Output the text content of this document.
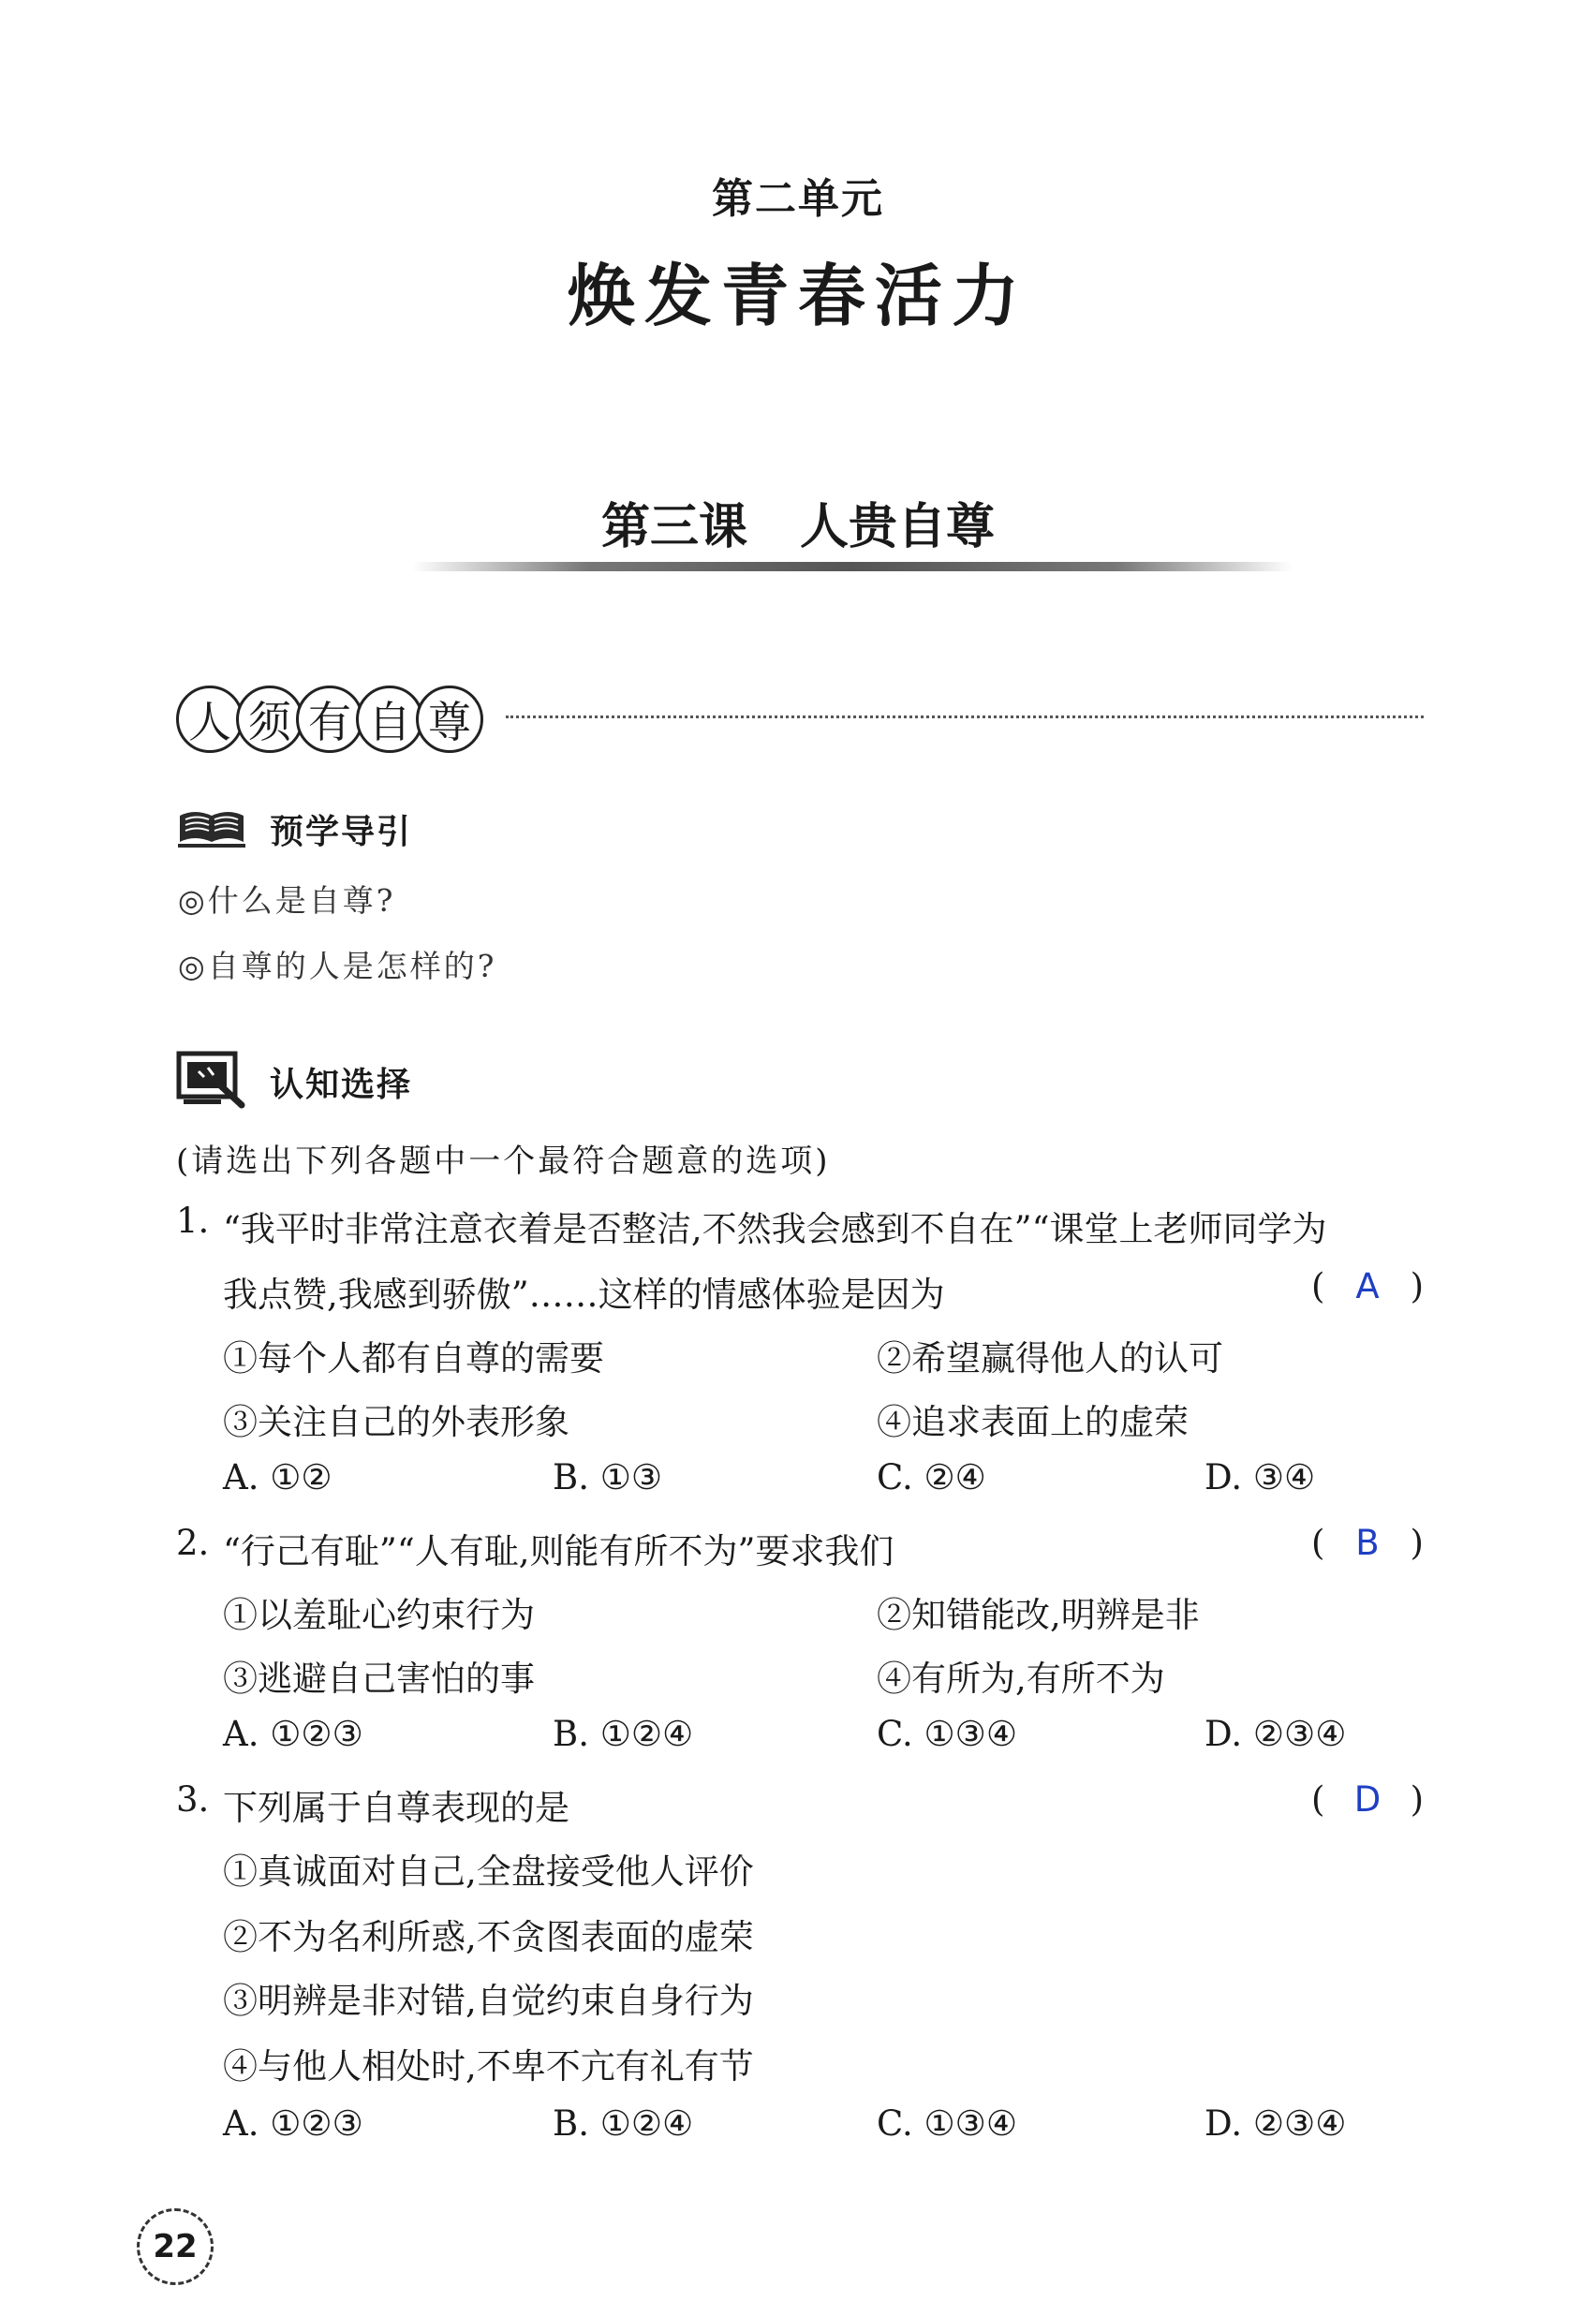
第二单元
焕发青春活力
第三课 人贵自尊
人 须 有 自 尊
预学导引
◎什么是自尊?
◎自尊的人是怎样的?
认知选择
(请选出下列各题中一个最符合题意的选项)
1. “我平时非常注意衣着是否整洁,不然我会感到不自在”“课堂上老师同学为
我点赞,我感到骄傲”……这样的情感体验是因为	( A )
①每个人都有自尊的需要	②希望赢得他人的认可
③关注自己的外表形象	④追求表面上的虚荣
A. ①②	B. ①③	C. ②④	D. ③④
2. “行己有耻”“人有耻,则能有所不为”要求我们	( B )
①以羞耻心约束行为	②知错能改,明辨是非
③逃避自己害怕的事	④有所为,有所不为
A. ①②③	B. ①②④	C. ①③④	D. ②③④
3. 下列属于自尊表现的是	( D )
①真诚面对自己,全盘接受他人评价
②不为名利所惑,不贪图表面的虚荣
③明辨是非对错,自觉约束自身行为
④与他人相处时,不卑不亢有礼有节
A. ①②③	B. ①②④	C. ①③④	D. ②③④
22
